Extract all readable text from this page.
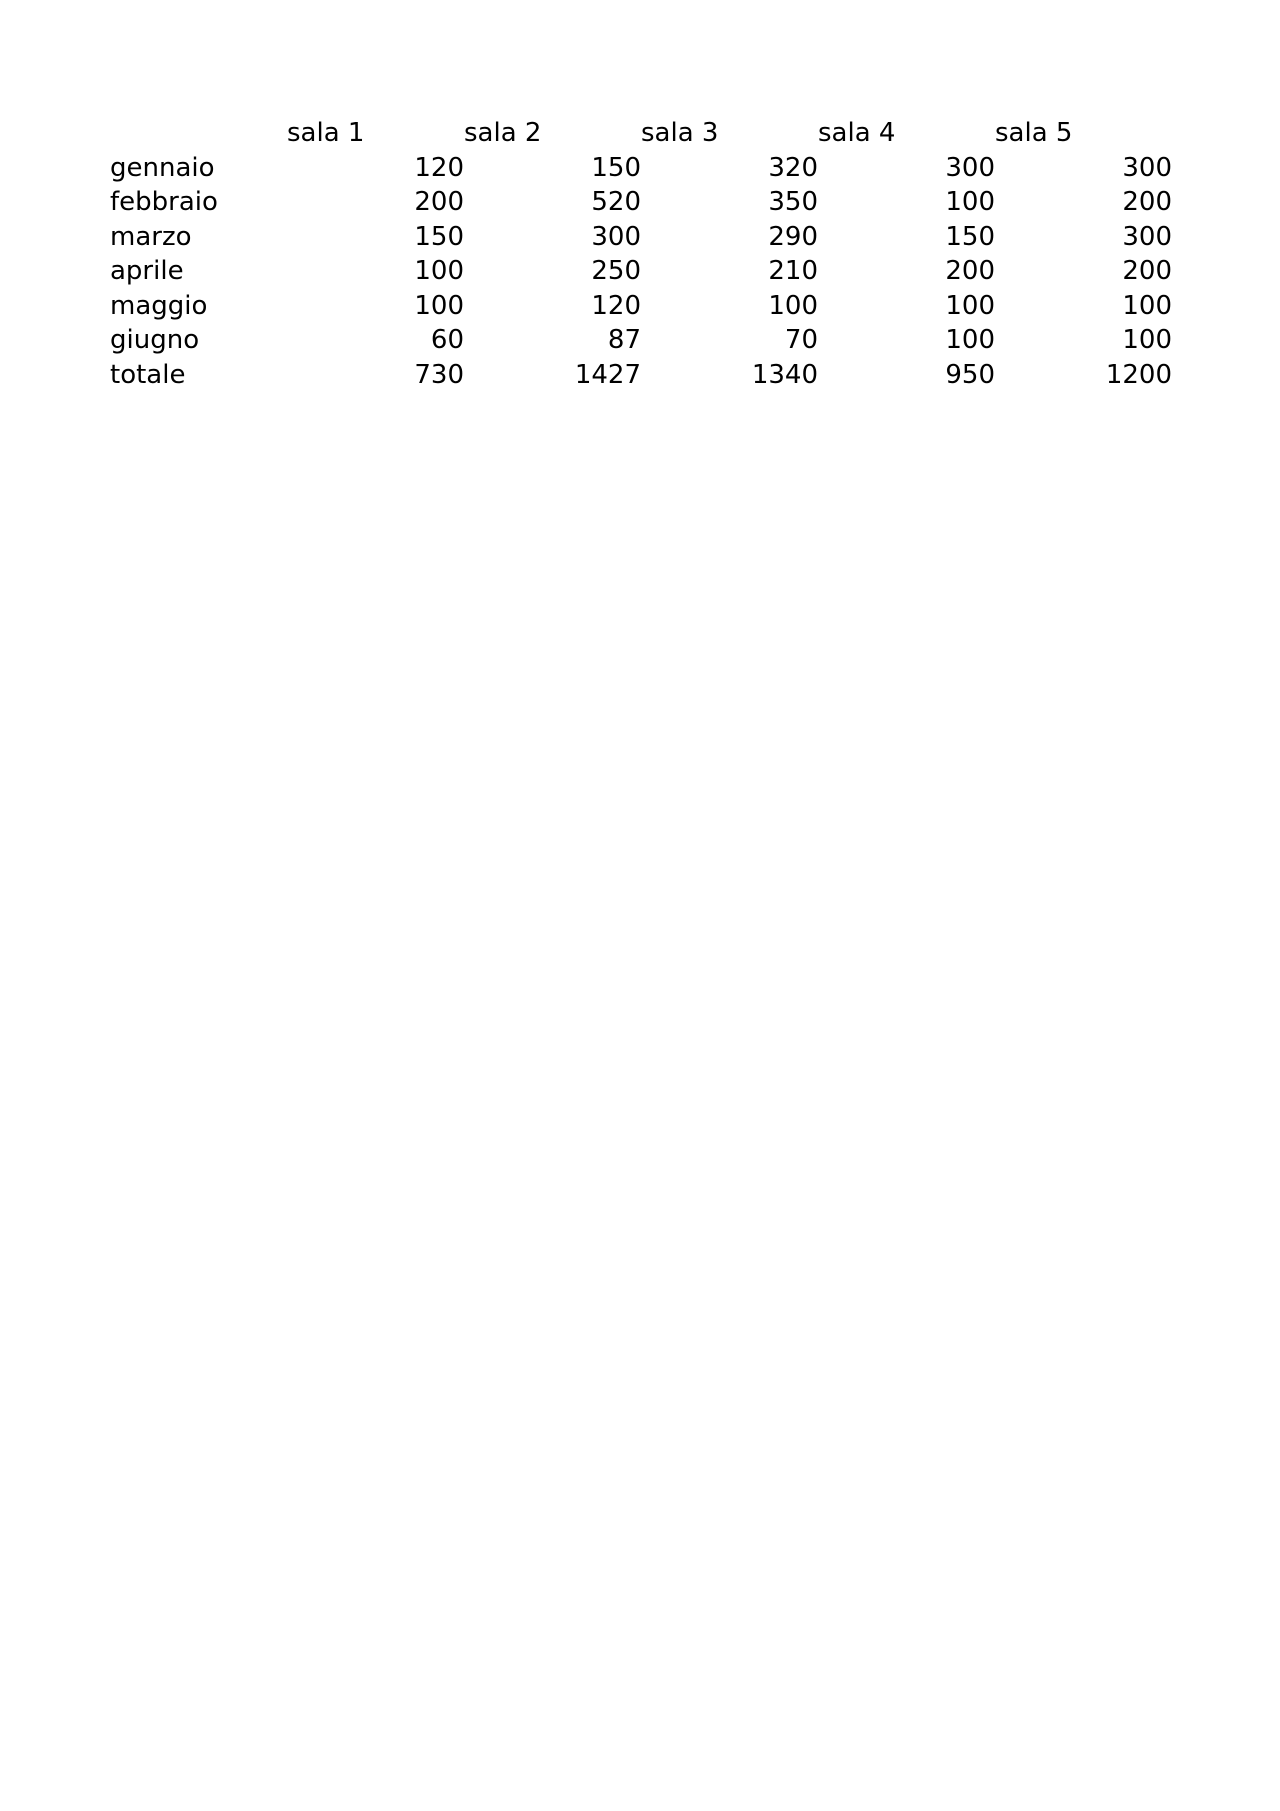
	sala 1	sala 2	sala 3	sala 4	sala 5
gennaio	120	150	320	300	300
febbraio	200	520	350	100	200
marzo	150	300	290	150	300
aprile	100	250	210	200	200
maggio	100	120	100	100	100
giugno	60	87	70	100	100
totale	730	1427	1340	950	1200
